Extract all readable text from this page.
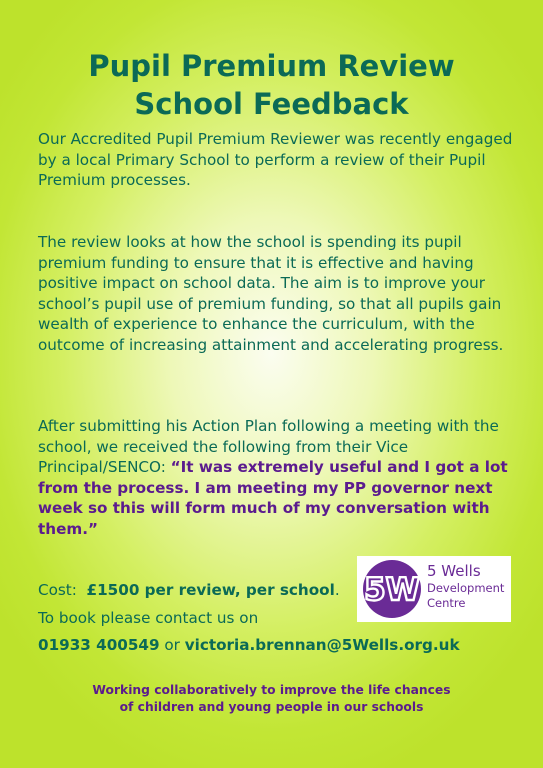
Pupil Premium Review
School Feedback

Our Accredited Pupil Premium Reviewer was recently engaged by a local Primary School to perform a review of their Pupil Premium processes.

The review looks at how the school is spending its pupil premium funding to ensure that it is effective and having positive impact on school data. The aim is to improve your school’s pupil use of premium funding, so that all pupils gain wealth of experience to enhance the curriculum, with the outcome of increasing attainment and accelerating progress.

After submitting his Action Plan following a meeting with the school, we received the following from their Vice Principal/SENCO: “It was extremely useful and I got a lot from the process. I am meeting my PP governor next week so this will form much of my conversation with them.”

Cost:  £1500 per review, per school.

To book please contact us on

01933 400549 or victoria.brennan@5Wells.org.uk

5W
5 Wells
Development
Centre

Working collaboratively to improve the life chances

of children and young people in our schools
